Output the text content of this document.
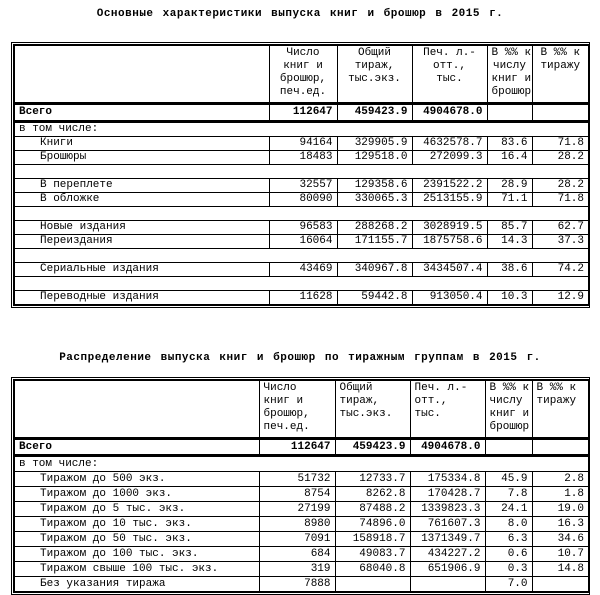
Основные характеристики выпуска книг и брошюр в 2015 г.

Число
книг и
брошюр,
печ.ед.

Общий
тираж,
тыс.экз.

Печ. л.-
отт.,
тыс.

В %% к
числу
книг и
брошюр

В %% к
тиражу

Всего	112647	459423.9	4904678.0		
в том числе:					
Книги	94164	329905.9	4632578.7	83.6	71.8
Брошюры	18483	129518.0	272099.3	16.4	28.2

В переплете	32557	129358.6	2391522.2	28.9	28.2
В обложке	80090	330065.3	2513155.9	71.1	71.8

Новые издания	96583	288268.2	3028919.5	85.7	62.7
Переиздания	16064	171155.7	1875758.6	14.3	37.3

Сериальные издания	43469	340967.8	3434507.4	38.6	74.2

Переводные издания	11628	59442.8	913050.4	10.3	12.9
Распределение выпуска книг и брошюр по тиражным группам в 2015 г.

Число
книг и
брошюр,
печ.ед.

Общий
тираж,
тыс.экз.

Печ. л.-
отт.,
тыс.

В %% к
числу
книг и
брошюр

В %% к
тиражу

Всего	112647	459423.9	4904678.0		
в том числе:					
Тиражом до 500 экз.	51732	12733.7	175334.8	45.9	2.8
Тиражом до 1000 экз.	8754	8262.8	170428.7	7.8	1.8
Тиражом до 5 тыс. экз.	27199	87488.2	1339823.3	24.1	19.0
Тиражом до 10 тыс. экз.	8980	74896.0	761607.3	8.0	16.3
Тиражом до 50 тыс. экз.	7091	158918.7	1371349.7	6.3	34.6
Тиражом до 100 тыс. экз.	684	49083.7	434227.2	0.6	10.7
Тиражом свыше 100 тыс. экз.	319	68040.8	651906.9	0.3	14.8
Без указания тиража	7888			7.0	
